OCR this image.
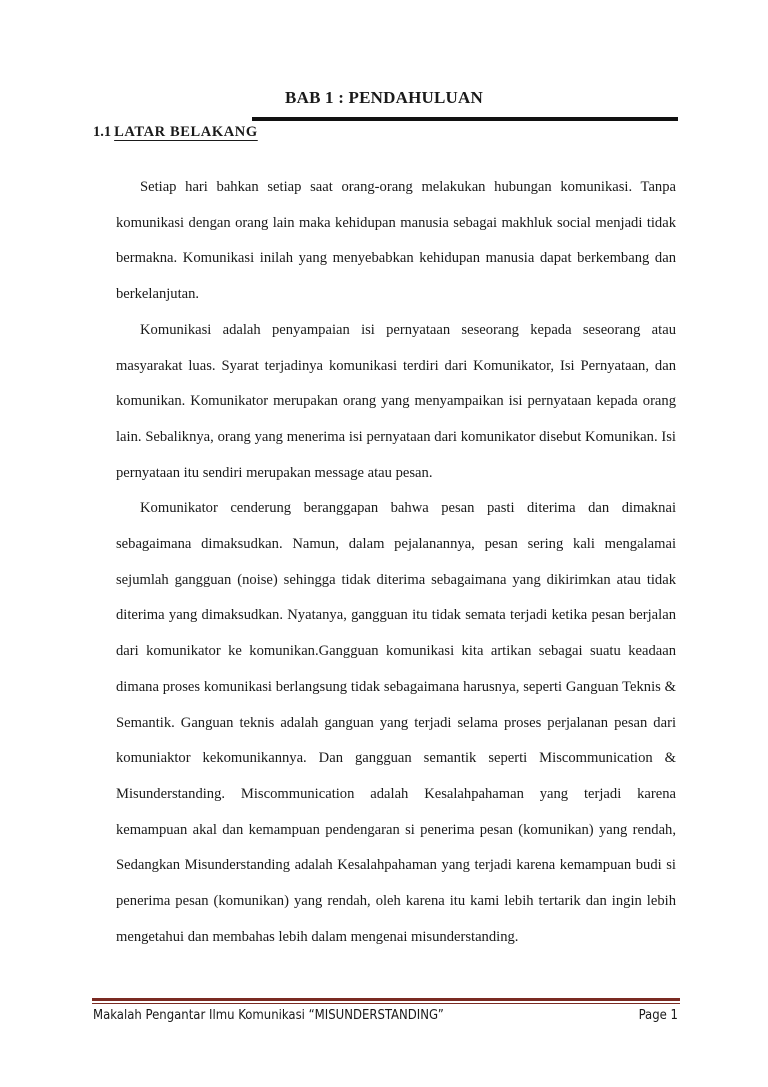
BAB 1 : PENDAHULUAN
1.1 LATAR BELAKANG

Setiap hari bahkan setiap saat orang-orang melakukan hubungan komunikasi. Tanpa komunikasi dengan orang lain maka kehidupan manusia sebagai makhluk social menjadi tidak bermakna. Komunikasi inilah yang menyebabkan kehidupan manusia dapat berkembang dan berkelanjutan.

Komunikasi adalah penyampaian isi pernyataan seseorang kepada seseorang atau masyarakat luas. Syarat terjadinya komunikasi terdiri dari Komunikator, Isi Pernyataan, dan komunikan. Komunikator merupakan orang yang menyampaikan isi pernyataan kepada orang lain. Sebaliknya, orang yang menerima isi pernyataan dari komunikator disebut Komunikan. Isi pernyataan itu sendiri merupakan message atau pesan.

Komunikator cenderung beranggapan bahwa pesan pasti diterima dan dimaknai sebagaimana dimaksudkan. Namun, dalam pejalanannya, pesan sering kali mengalamai sejumlah gangguan (noise) sehingga tidak diterima sebagaimana yang dikirimkan atau tidak diterima yang dimaksudkan. Nyatanya, gangguan itu tidak semata terjadi ketika pesan berjalan dari komunikator ke komunikan.Gangguan komunikasi kita artikan sebagai suatu keadaan dimana proses komunikasi berlangsung tidak sebagaimana harusnya, seperti Ganguan Teknis & Semantik. Ganguan teknis adalah ganguan yang terjadi selama proses perjalanan pesan dari komuniaktor kekomunikannya. Dan gangguan semantik seperti Miscommunication & Misunderstanding. Miscommunication adalah Kesalahpahaman yang terjadi karena kemampuan akal dan kemampuan pendengaran si penerima pesan (komunikan) yang rendah, Sedangkan Misunderstanding adalah Kesalahpahaman yang terjadi karena kemampuan budi si penerima pesan (komunikan) yang rendah, oleh karena itu kami lebih tertarik dan ingin lebih mengetahui dan membahas lebih dalam mengenai misunderstanding.

Makalah Pengantar Ilmu Komunikasi “MISUNDERSTANDING”	Page 1
